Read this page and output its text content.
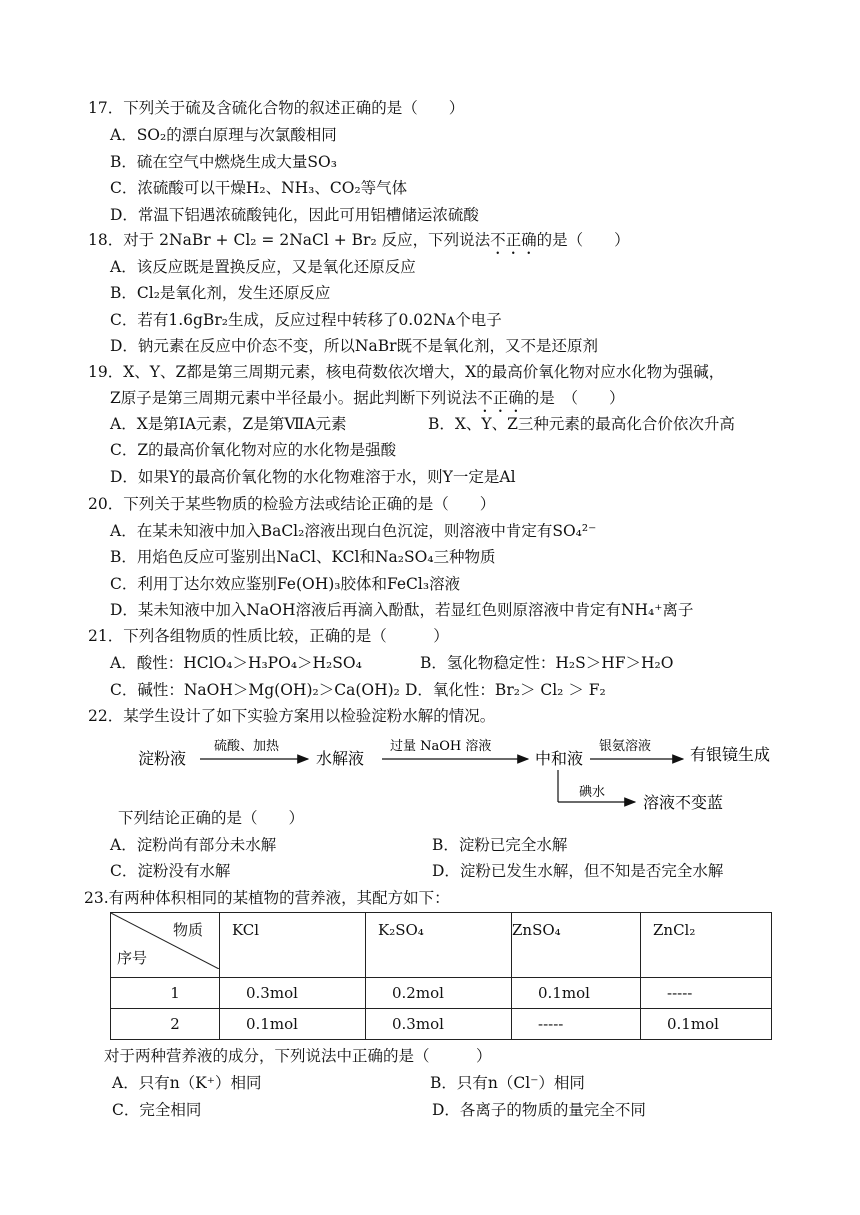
17．下列关于硫及含硫化合物的叙述正确的是（　　）
A．SO₂的漂白原理与次氯酸相同
B．硫在空气中燃烧生成大量SO₃
C．浓硫酸可以干燥H₂、NH₃、CO₂等气体
D．常温下铝遇浓硫酸钝化，因此可用铝槽储运浓硫酸
18．对于 2NaBr + Cl₂ = 2NaCl + Br₂ 反应，下列说法不正确的是（　　）
A．该反应既是置换反应，又是氧化还原反应
B．Cl₂是氧化剂，发生还原反应
C．若有1.6gBr₂生成，反应过程中转移了0.02Nᴀ个电子
D．钠元素在反应中价态不变，所以NaBr既不是氧化剂，又不是还原剂
19．X、Y、Z都是第三周期元素，核电荷数依次增大，X的最高价氧化物对应水化物为强碱，
Z原子是第三周期元素中半径最小。据此判断下列说法不正确的是　（　　）
A．X是第ⅠA元素，Z是第ⅦA元素	B．X、Y、Z三种元素的最高化合价依次升高
C．Z的最高价氧化物对应的水化物是强酸
D．如果Y的最高价氧化物的水化物难溶于水，则Y一定是Al
20．下列关于某些物质的检验方法或结论正确的是（　　）
A．在某未知液中加入BaCl₂溶液出现白色沉淀，则溶液中肯定有SO₄²⁻
B．用焰色反应可鉴别出NaCl、KCl和Na₂SO₄三种物质
C．利用丁达尔效应鉴别Fe(OH)₃胶体和FeCl₃溶液
D．某未知液中加入NaOH溶液后再滴入酚酞，若显红色则原溶液中肯定有NH₄⁺离子
21．下列各组物质的性质比较，正确的是（　　　）
A．酸性：HClO₄＞H₃PO₄＞H₂SO₄	B．氢化物稳定性：H₂S＞HF＞H₂O
C．碱性：NaOH＞Mg(OH)₂＞Ca(OH)₂ D．氧化性：Br₂＞ Cl₂ ＞ F₂
22．某学生设计了如下实验方案用以检验淀粉水解的情况。
淀粉液
硫酸、加热
水解液
过量 NaOH 溶液
中和液
银氨溶液 有银镜生成
碘水
溶液不变蓝
下列结论正确的是（　　）
A．淀粉尚有部分未水解	B．淀粉已完全水解
C．淀粉没有水解	D．淀粉已发生水解，但不知是否完全水解
23.有两种体积相同的某植物的营养液，其配方如下：
物质
序号	KCl	K₂SO₄	ZnSO₄	ZnCl₂
1	0.3mol	0.2mol	0.1mol	-----
2	0.1mol	0.3mol	-----	0.1mol
对于两种营养液的成分，下列说法中正确的是（　　　）
A．只有n（K⁺）相同	B．只有n（Cl⁻）相同
C．完全相同	D．各离子的物质的量完全不同
